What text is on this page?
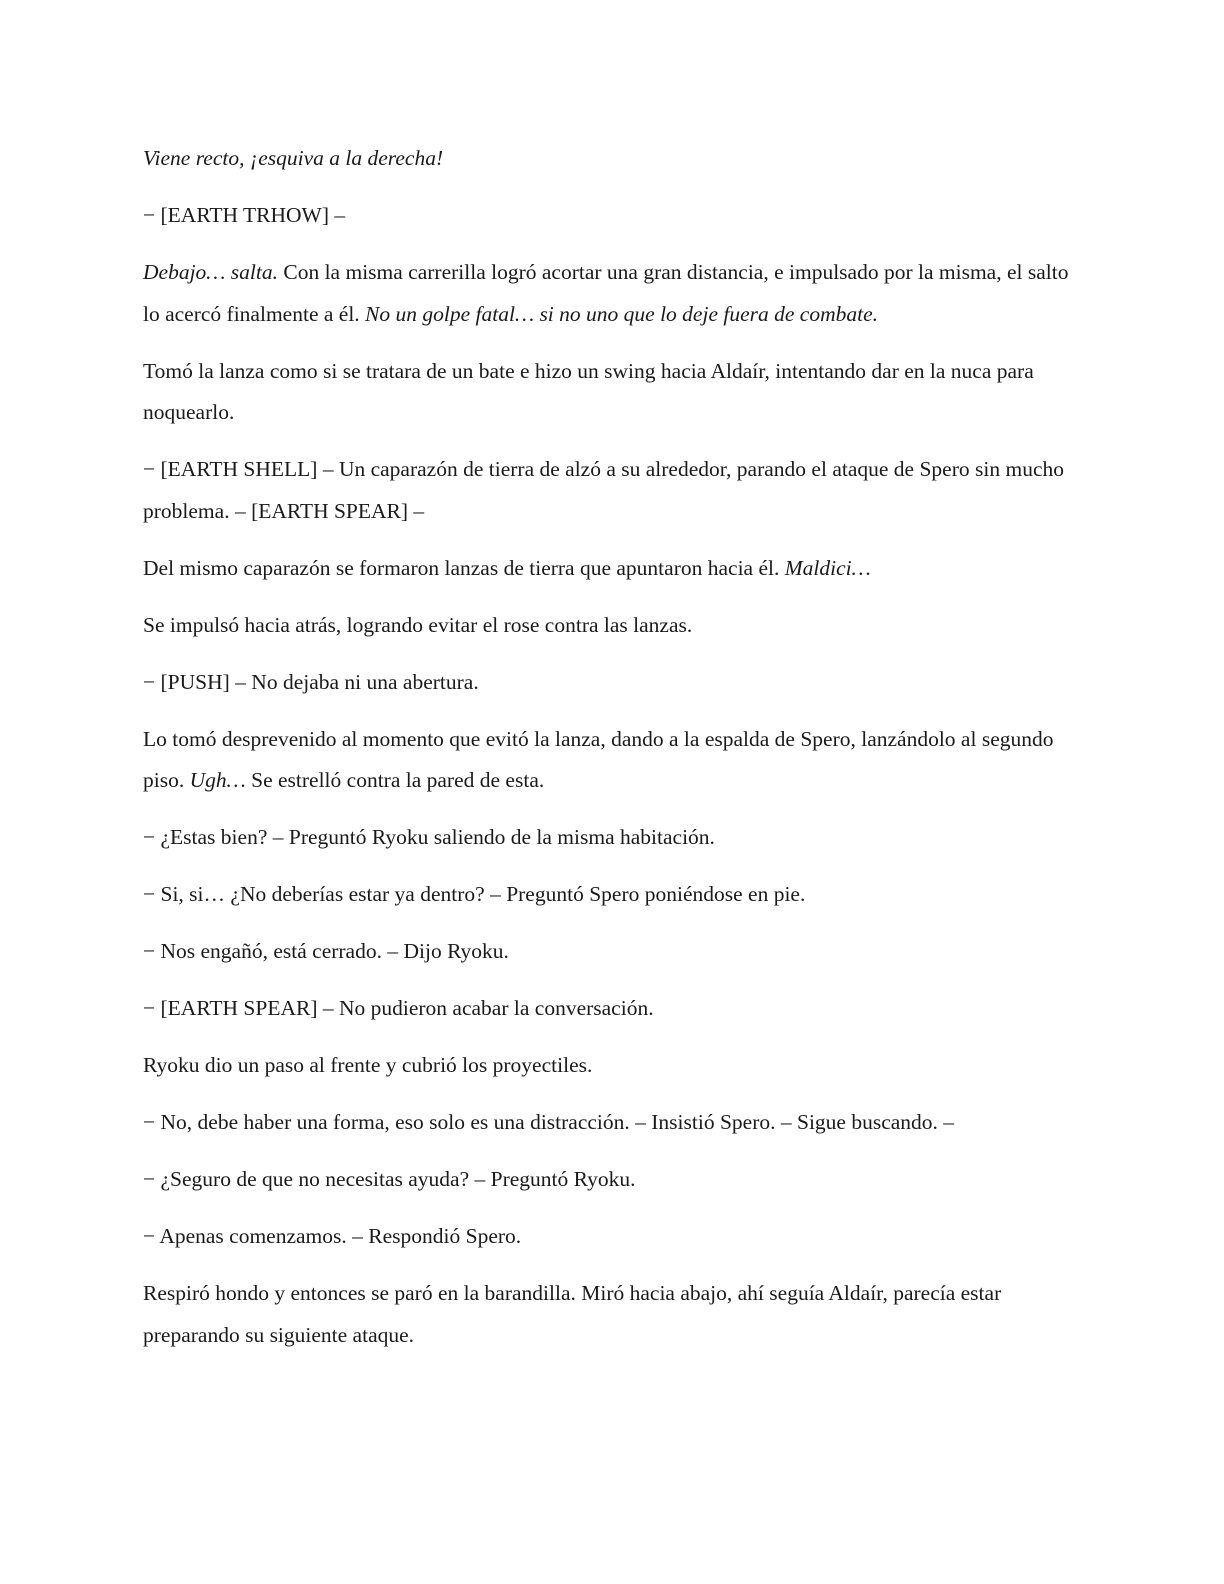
Viene recto, ¡esquiva a la derecha!

− [EARTH TRHOW] –

Debajo… salta. Con la misma carrerilla logró acortar una gran distancia, e impulsado por la misma, el salto lo acercó finalmente a él. No un golpe fatal… si no uno que lo deje fuera de combate.

Tomó la lanza como si se tratara de un bate e hizo un swing hacia Aldaír, intentando dar en la nuca para noquearlo.

− [EARTH SHELL] – Un caparazón de tierra de alzó a su alrededor, parando el ataque de Spero sin mucho problema. – [EARTH SPEAR] –

Del mismo caparazón se formaron lanzas de tierra que apuntaron hacia él. Maldici…

Se impulsó hacia atrás, logrando evitar el rose contra las lanzas.

− [PUSH] – No dejaba ni una abertura.

Lo tomó desprevenido al momento que evitó la lanza, dando a la espalda de Spero, lanzándolo al segundo piso. Ugh… Se estrelló contra la pared de esta.

− ¿Estas bien? – Preguntó Ryoku saliendo de la misma habitación.

− Si, si… ¿No deberías estar ya dentro? – Preguntó Spero poniéndose en pie.

− Nos engañó, está cerrado. – Dijo Ryoku.

− [EARTH SPEAR] – No pudieron acabar la conversación.

Ryoku dio un paso al frente y cubrió los proyectiles.

− No, debe haber una forma, eso solo es una distracción. – Insistió Spero. – Sigue buscando. –

− ¿Seguro de que no necesitas ayuda? – Preguntó Ryoku.

− Apenas comenzamos. – Respondió Spero.

Respiró hondo y entonces se paró en la barandilla. Miró hacia abajo, ahí seguía Aldaír, parecía estar preparando su siguiente ataque.
